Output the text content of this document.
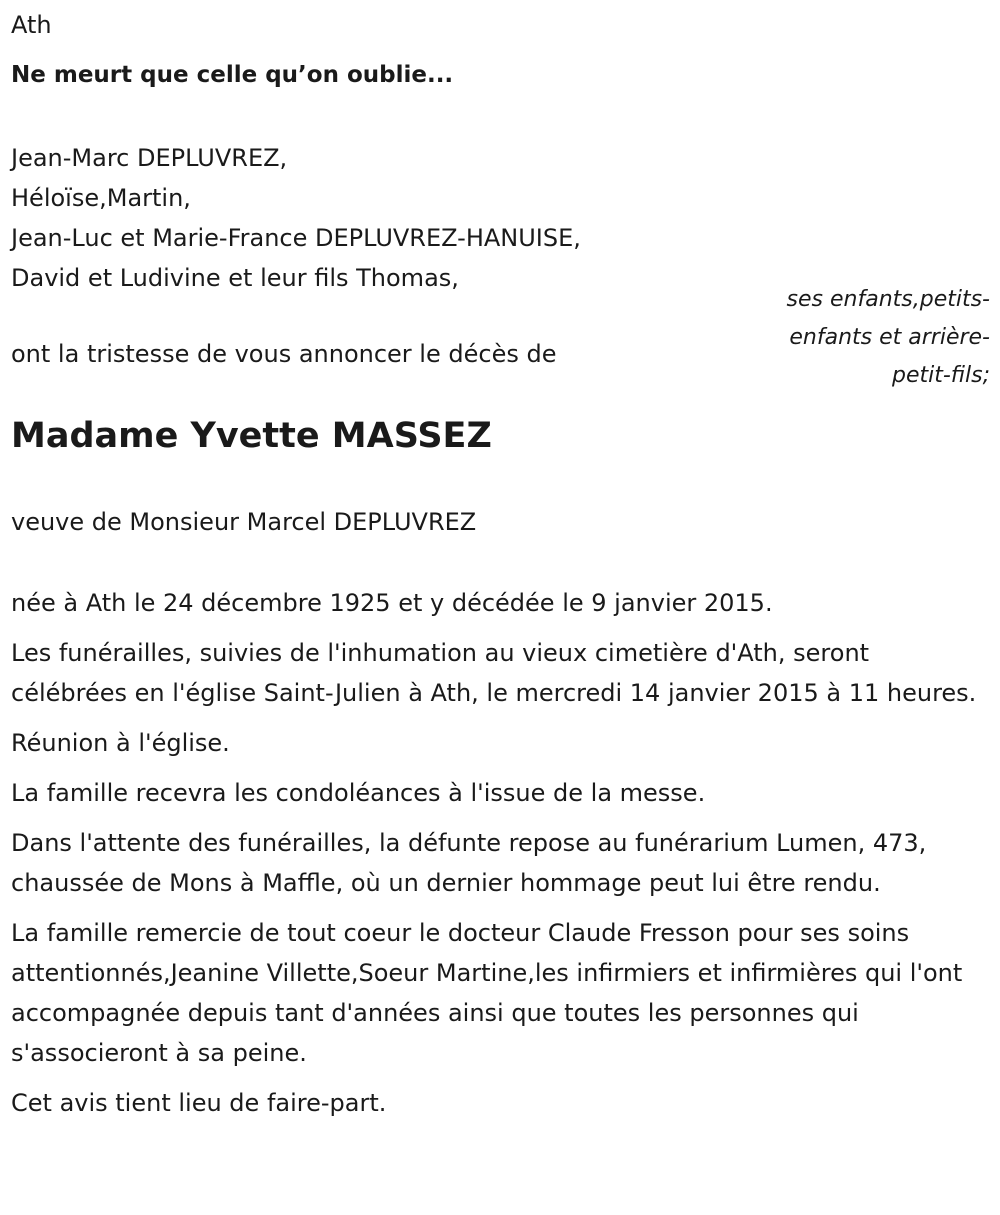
Ath
Ne meurt que celle qu’on oublie...
Jean-Marc DEPLUVREZ,
Héloïse,Martin,
Jean-Luc et Marie-France DEPLUVREZ-HANUISE,
David et Ludivine et leur fils Thomas,
ses enfants,petits-enfants et arrière-petit-fils;
ont la tristesse de vous annoncer le décès de
Madame Yvette MASSEZ
veuve de Monsieur Marcel DEPLUVREZ

née à Ath le 24 décembre 1925 et y décédée le 9 janvier 2015.

Les funérailles, suivies de l'inhumation au vieux cimetière d'Ath, seront célébrées en l'église Saint-Julien à Ath, le mercredi 14 janvier 2015 à 11 heures.

Réunion à l'église.

La famille recevra les condoléances à l'issue de la messe.

Dans l'attente des funérailles, la défunte repose au funérarium Lumen, 473, chaussée de Mons à Maffle, où un dernier hommage peut lui être rendu.

La famille remercie de tout coeur le docteur Claude Fresson pour ses soins attentionnés,Jeanine Villette,Soeur Martine,les infirmiers et infirmières qui l'ont accompagnée depuis tant d'années ainsi que toutes les personnes qui s'associeront à sa peine.

Cet avis tient lieu de faire-part.
